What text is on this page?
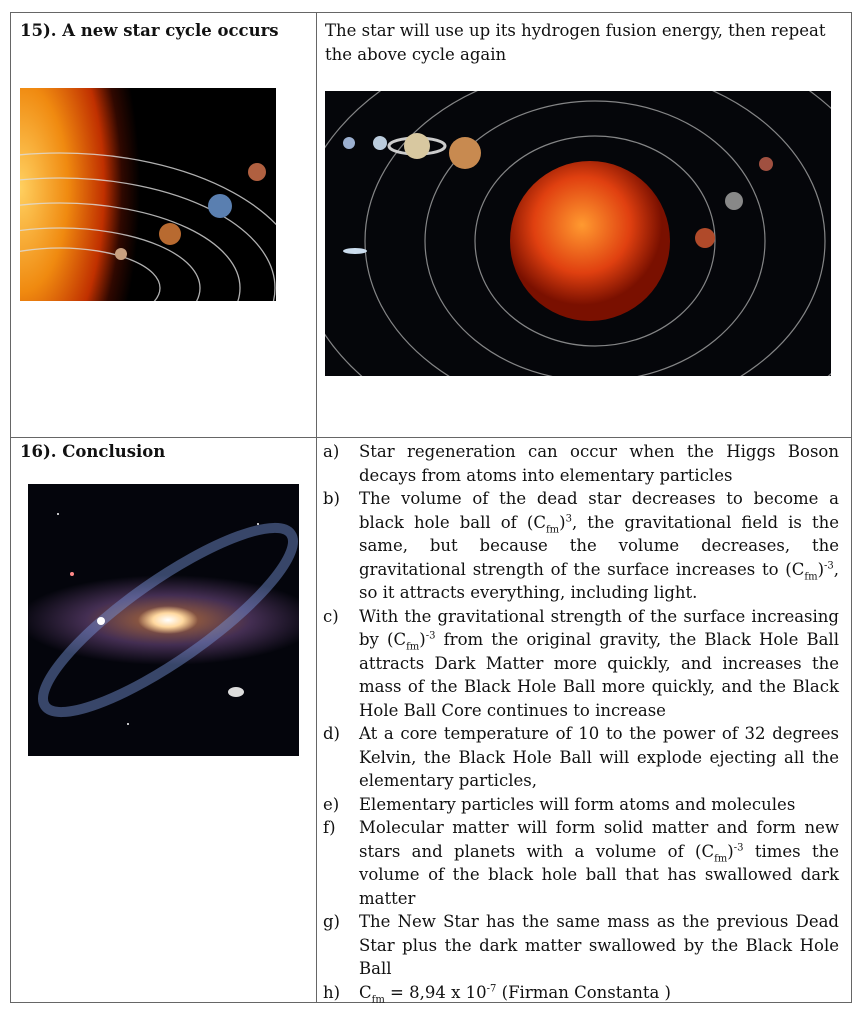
15). A new star cycle occurs	The star will use up its hydrogen fusion energy, then repeat the above cycle again
16). Conclusion	a)	Star regeneration can occur when the Higgs Boson decays from atoms into elementary particles
b)	The volume of the dead star decreases to become a black hole ball of $(C_{fm})^3$, the gravitational field is the same, but because the volume decreases, the gravitational strength of the surface increases to $(C_{fm})^{-3}$, so it attracts everything, including light.
c)	With the gravitational strength of the surface increasing by $(C_{fm})^{-3}$ from the original gravity, the Black Hole Ball attracts Dark Matter more quickly, and increases the mass of the Black Hole Ball more quickly, and the Black Hole Ball Core continues to increase
d)	At a core temperature of 10 to the power of 32 degrees Kelvin, the Black Hole Ball will explode ejecting all the elementary particles,
e)	Elementary particles will form atoms and molecules
f)	Molecular matter will form solid matter and form new stars and planets with a volume of $(C_{fm})^{-3}$ times the volume of the black hole ball that has swallowed dark matter
g)	The New Star has the same mass as the previous Dead Star plus the dark matter swallowed by the Black Hole Ball
h)	$C_{fm} = 8,94$ x $10^{-7}$ (Firman Constanta )
